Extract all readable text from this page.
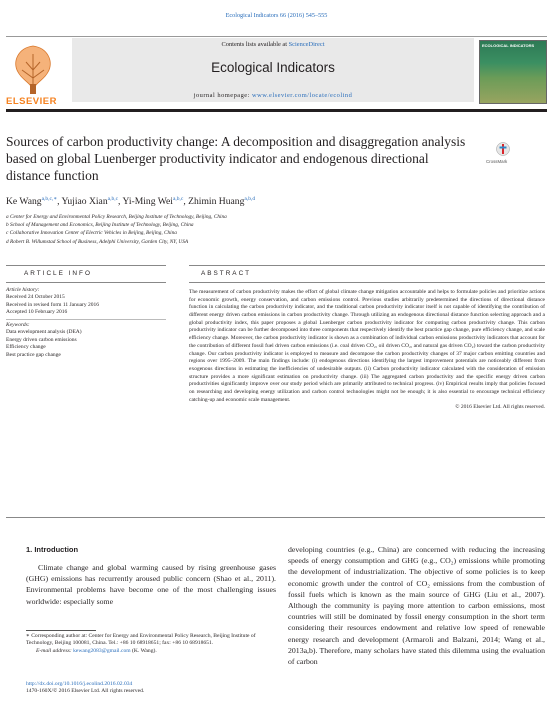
Ecological Indicators 66 (2016) 545–555
ELSEVIER
Contents lists available at ScienceDirect
Ecological Indicators
journal homepage: www.elsevier.com/locate/ecolind
ECOLOGICAL INDICATORS
Sources of carbon productivity change: A decomposition and disaggregation analysis based on global Luenberger productivity indicator and endogenous directional distance function
CrossMark
Ke Wang$^{a,b,c,∗}$, Yujiao Xian$^{a,b,c}$, Yi-Ming Wei$^{a,b,c}$, Zhimin Huang$^{a,b,d}$
a Center for Energy and Environmental Policy Research, Beijing Institute of Technology, Beijing, China
b School of Management and Economics, Beijing Institute of Technology, Beijing, China
c Collaborative Innovation Center of Electric Vehicles in Beijing, Beijing, China
d Robert B. Willumstad School of Business, Adelphi University, Garden City, NY, USA
ARTICLE INFO
Article history:
Received 24 October 2015
Received in revised form 11 January 2016
Accepted 10 February 2016
Keywords:
Data envelopment analysis (DEA)
Energy driven carbon emissions
Efficiency change
Best practice gap change
ABSTRACT
The measurement of carbon productivity makes the effort of global climate change mitigation accountable and helps to formulate policies and prioritize actions for economic growth, energy conservation, and carbon emissions control. Previous studies arbitrarily predetermined the directions of directional distance function in calculating the carbon productivity indicator, and the traditional carbon productivity indicator itself is not capable of identifying the contribution of different energy driven carbon emissions in carbon productivity change. Through utilizing an endogenous directional distance function selecting approach and a global productivity index, this paper proposes a global Luenberger carbon productivity indicator for computing carbon productivity change. This carbon productivity indicator can be further decomposed into three components that respectively identify the best practice gap change, pure efficiency change, and scale efficiency change. Moreover, the carbon productivity indicator is shown as a combination of individual carbon emissions productivity indicators that account for the contribution of different fossil fuel driven carbon emissions (i.e. coal driven CO₂, oil driven CO₂, and natural gas driven CO₂) toward the carbon productivity change. Our carbon productivity indicator is employed to measure and decompose the carbon productivity changes of 37 major carbon emitting countries and regions over 1995–2009. The main findings include: (i) endogenous directions identifying the largest improvement potentials are noticeably different from exogenous directions in estimating the inefficiencies of undesirable outputs. (ii) Carbon productivity indicator calculated with the consideration of emission structure provides a more significant estimation on productivity change. (iii) The aggregated carbon productivity and the specific energy driven carbon productivities significantly improve over our study period which are primarily attributed to technical progress. (iv) Empirical results imply that policies focused on researching and developing energy utilization and carbon control technologies might not be enough; it is also essential to encourage technical efficiency catching-up and economic scale management.
© 2016 Elsevier Ltd. All rights reserved.
1. Introduction
Climate change and global warming caused by rising greenhouse gases (GHG) emissions has recurrently aroused public concern (Shao et al., 2011). Environmental problems have become one of the most challenging issues worldwide: especially some
developing countries (e.g., China) are concerned with reducing the increasing speeds of energy consumption and GHG (e.g., CO₂) emissions while promoting the development of industrialization. The objective of some policies is to keep economic growth under the control of CO₂ emissions from the combustion of fossil fuels which is known as the main source of GHG (Liu et al., 2007). Although the community is paying more attention to carbon emissions, most countries will still be dominated by fossil energy consumption in the short term considering their resources endowment and relative low speed of renewable energy research and development (Armaroli and Balzani, 2014; Wang et al., 2013a,b). Therefore, many scholars have stated this dilemma using the evaluation of carbon
∗ Corresponding author at: Center for Energy and Environmental Policy Research, Beijing Institute of Technology, Beijing 100081, China. Tel.: +86 10 68918651; fax: +86 10 68918651.
E-mail address: kewang2083@gmail.com (K. Wang).
http://dx.doi.org/10.1016/j.ecolind.2016.02.034
1470-160X/© 2016 Elsevier Ltd. All rights reserved.
